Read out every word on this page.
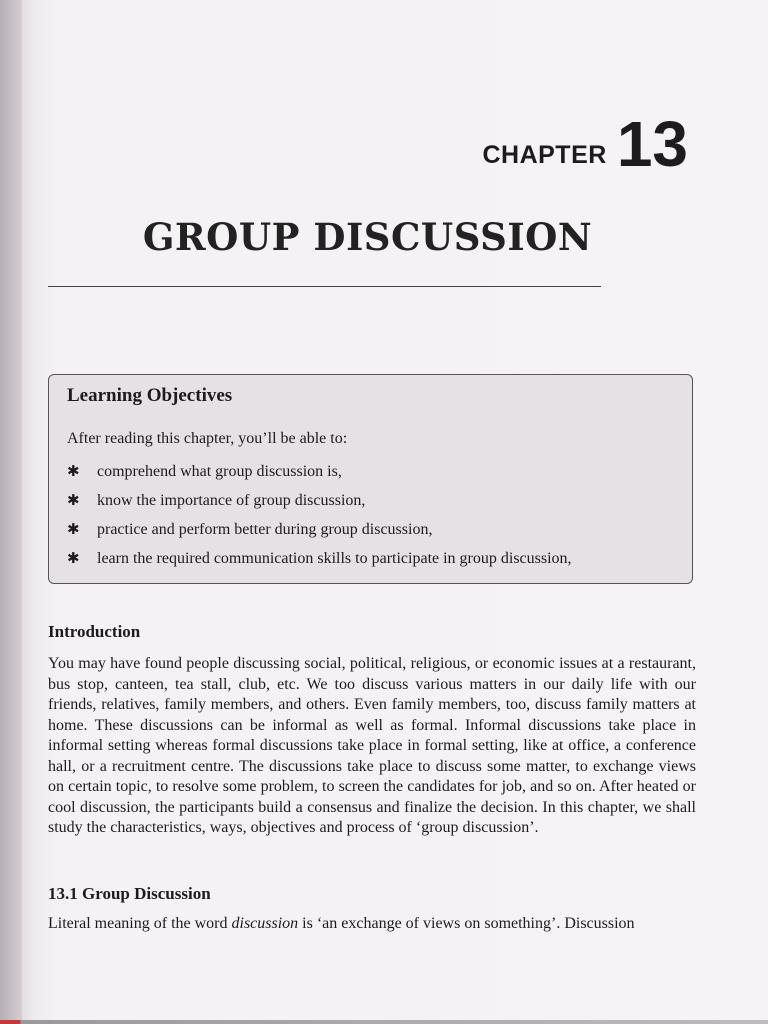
CHAPTER 13
GROUP DISCUSSION
Learning Objectives
After reading this chapter, you’ll be able to:
✱	comprehend what group discussion is,
✱	know the importance of group discussion,
✱	practice and perform better during group discussion,
✱	learn the required communication skills to participate in group discussion,
Introduction
You may have found people discussing social, political, religious, or economic issues at a restaurant, bus stop, canteen, tea stall, club, etc. We too discuss various matters in our daily life with our friends, relatives, family members, and others. Even family members, too, discuss family matters at home. These discussions can be informal as well as formal. Informal discussions take place in informal setting whereas formal discussions take place in formal setting, like at office, a conference hall, or a recruitment centre. The discussions take place to discuss some matter, to exchange views on certain topic, to resolve some problem, to screen the candidates for job, and so on. After heated or cool discussion, the participants build a consensus and finalize the decision. In this chapter, we shall study the characteristics, ways, objectives and process of ‘group discussion’.
13.1 Group Discussion
Literal meaning of the word discussion is ‘an exchange of views on something’. Discussion
